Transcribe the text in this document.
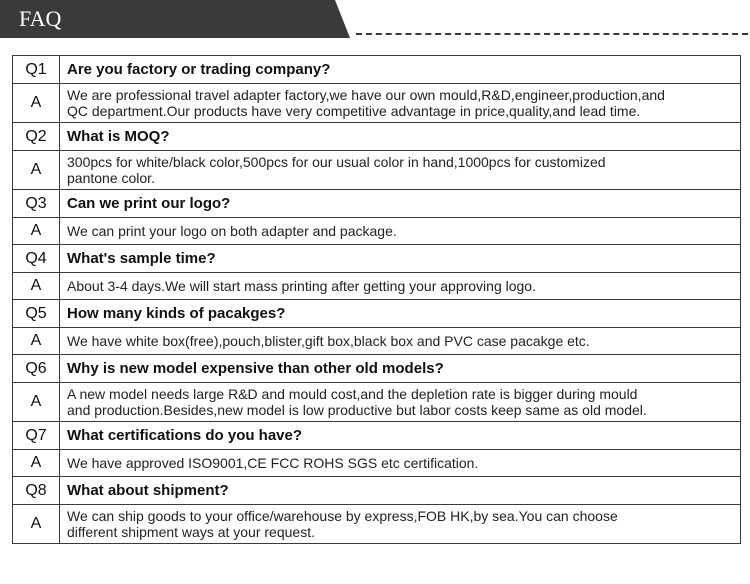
FAQ
Q1	Are you factory or trading company?
A	We are professional travel adapter factory,we have our own mould,R&D,engineer,production,and
QC department.Our products have very competitive advantage in price,quality,and lead time.

Q2	What is MOQ?
A	300pcs for white/black color,500pcs for our usual color in hand,1000pcs for customized
pantone color.

Q3	Can we print our logo?
A	We can print your logo on both adapter and package.

Q4	What's sample time?
A	About 3-4 days.We will start mass printing after getting your approving logo.

Q5	How many kinds of pacakges?
A	We have white box(free),pouch,blister,gift box,black box and PVC case pacakge etc.

Q6	Why is new model expensive than other old models?
A	A new model needs large R&D and mould cost,and the depletion rate is bigger during mould
and production.Besides,new model is low productive but labor costs keep same as old model.

Q7	What certifications do you have?
A	We have approved ISO9001,CE FCC ROHS SGS etc certification.

Q8	What about shipment?
A	We can ship goods to your office/warehouse by express,FOB HK,by sea.You can choose
different shipment ways at your request.
